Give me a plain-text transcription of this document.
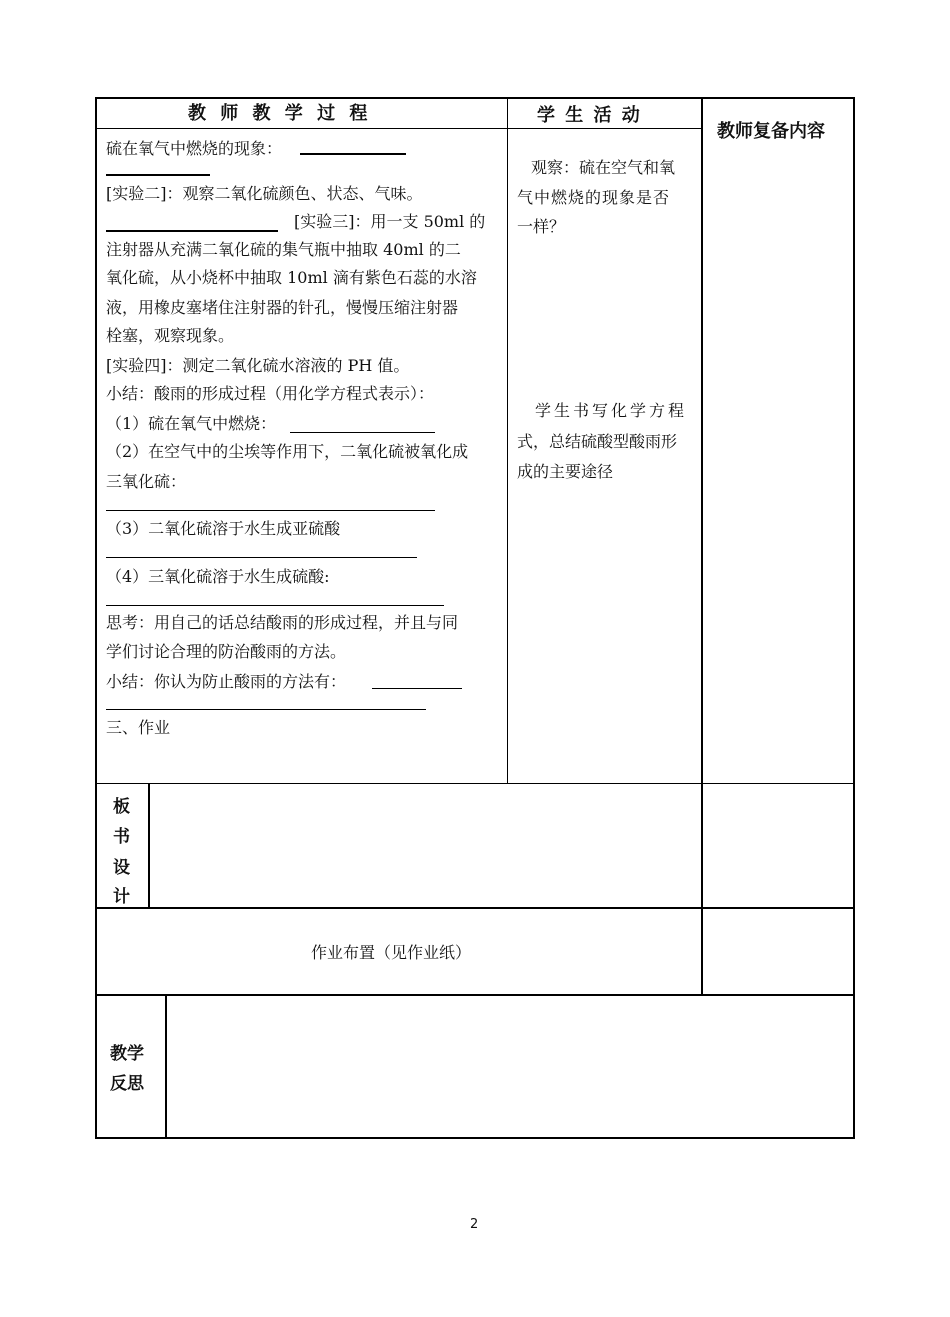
教 师 教 学 过 程	学 生 活 动
教师复备内容
硫在氧气中燃烧的现象：
[实验二]：观察二氧化硫颜色、状态、气味。
[实验三]：用一支 50ml 的
注射器从充满二氧化硫的集气瓶中抽取 40ml 的二
氧化硫，从小烧杯中抽取 10ml 滴有紫色石蕊的水溶
液，用橡皮塞堵住注射器的针孔，慢慢压缩注射器
栓塞，观察现象。
[实验四]：测定二氧化硫水溶液的 PH 值。
小结：酸雨的形成过程（用化学方程式表示）：
（1）硫在氧气中燃烧：
（2）在空气中的尘埃等作用下，二氧化硫被氧化成
三氧化硫：
（3）二氧化硫溶于水生成亚硫酸
（4）三氧化硫溶于水生成硫酸:
思考：用自己的话总结酸雨的形成过程，并且与同
学们讨论合理的防治酸雨的方法。
小结：你认为防止酸雨的方法有：
三、作业
观察：硫在空气和氧
气中燃烧的现象是否
一样？
学生书写化学方程
式，总结硫酸型酸雨形
成的主要途径
板
书
设
计
作业布置（见作业纸）
教学
反思
2
